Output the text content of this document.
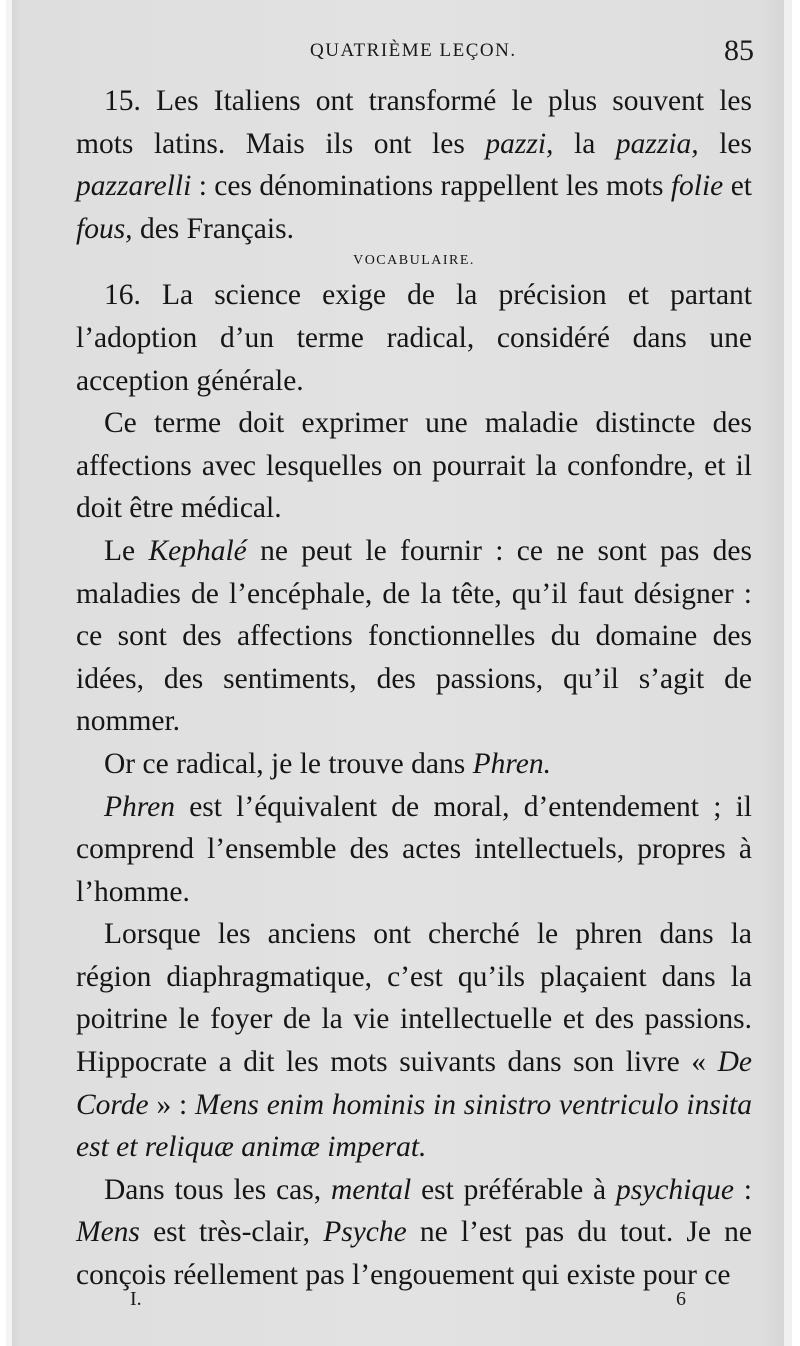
QUATRIÈME LEÇON.	85

15. Les Italiens ont transformé le plus souvent les mots latins. Mais ils ont les pazzi, la pazzia, les pazzarelli : ces dénominations rappellent les mots folie et fous, des Français.

VOCABULAIRE.

16. La science exige de la précision et partant l’adoption d’un terme radical, considéré dans une acception générale.

Ce terme doit exprimer une maladie distincte des affections avec lesquelles on pourrait la confondre, et il doit être médical.

Le Kephalé ne peut le fournir : ce ne sont pas des maladies de l’encéphale, de la tête, qu’il faut désigner : ce sont des affections fonctionnelles du domaine des idées, des sentiments, des passions, qu’il s’agit de nommer.

Or ce radical, je le trouve dans Phren.

Phren est l’équivalent de moral, d’entendement ; il comprend l’ensemble des actes intellectuels, propres à l’homme.

Lorsque les anciens ont cherché le phren dans la région diaphragmatique, c’est qu’ils plaçaient dans la poitrine le foyer de la vie intellectuelle et des passions. Hippocrate a dit les mots suivants dans son livre « De Corde » : Mens enim hominis in sinistro ventriculo insita est et reliquæ animæ imperat.

Dans tous les cas, mental est préférable à psychique : Mens est très-clair, Psyche ne l’est pas du tout. Je ne conçois réellement pas l’engouement qui existe pour ce

I.	6
